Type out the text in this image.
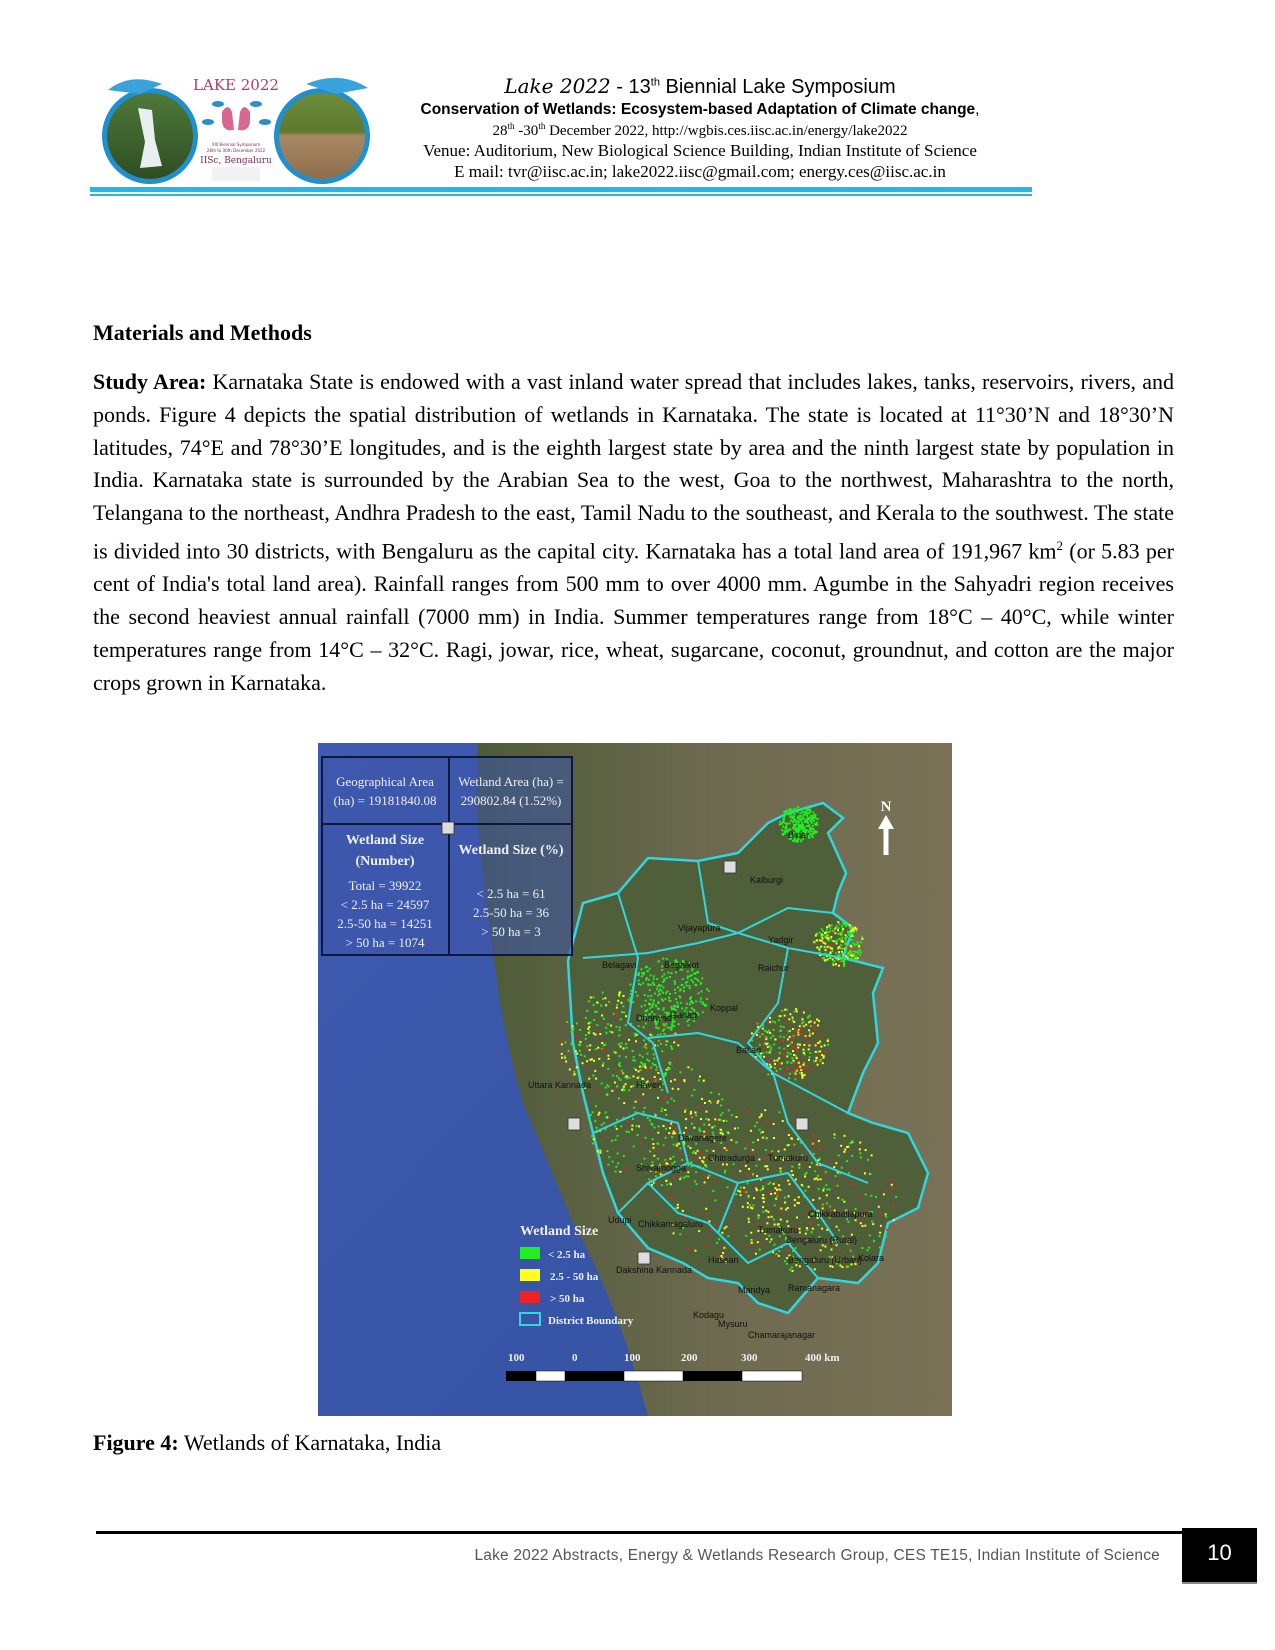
LAKE 2022
XIII Biennial Symposium
28th to 30th December 2022
IISc, Bengaluru
Lake 2022 - 13th Biennial Lake Symposium
Conservation of Wetlands: Ecosystem-based Adaptation of Climate change,
28th -30th December 2022, http://wgbis.ces.iisc.ac.in/energy/lake2022
Venue: Auditorium, New Biological Science Building, Indian Institute of Science
E mail: tvr@iisc.ac.in; lake2022.iisc@gmail.com; energy.ces@iisc.ac.in
Materials and Methods
Study Area: Karnataka State is endowed with a vast inland water spread that includes lakes, tanks, reservoirs, rivers, and ponds. Figure 4 depicts the spatial distribution of wetlands in Karnataka. The state is located at 11°30’N and 18°30’N latitudes, 74°E and 78°30’E longitudes, and is the eighth largest state by area and the ninth largest state by population in India. Karnataka state is surrounded by the Arabian Sea to the west, Goa to the northwest, Maharashtra to the north, Telangana to the northeast, Andhra Pradesh to the east, Tamil Nadu to the southeast, and Kerala to the southwest. The state is divided into 30 districts, with Bengaluru as the capital city. Karnataka has a total land area of 191,967 $km^2$ (or 5.83 per cent of India's total land area). Rainfall ranges from 500 mm to over 4000 mm. Agumbe in the Sahyadri region receives the second heaviest annual rainfall (7000 mm) in India. Summer temperatures range from 18°C – 40°C, while winter temperatures range from 14°C – 32°C. Ragi, jowar, rice, wheat, sugarcane, coconut, groundnut, and cotton are the major crops grown in Karnataka.
Geographical Area
(ha) = 19181840.08
Wetland Area (ha) =
290802.84 (1.52%)
Wetland Size
(Number)
Total = 39922
< 2.5 ha = 24597
2.5-50 ha = 14251
> 50 ha = 1074
Wetland Size (%)
< 2.5 ha = 61
2.5-50 ha = 36
> 50 ha = 3
N
Bidar
Kalburgi
Vijayapura
Yadgir
Belagavi	Bagalkot	Raichur
Koppal
Dharwad
Gadag
Ballari
Uttara Kannada	Haveri
Davanagere
Shivamogga
Chitradurga Tumakuru
Udupi Chikkamagaluru
Tumakuru
Chikkaballapura
Bengaluru (Rural)
Kolara
Hassan	Bengaluru (Urban)
Dakshina Kannada
Ramanagara
Mandya
Kodagu
Mysuru
Chamarajanagar
Wetland Size
< 2.5 ha
2.5 - 50 ha
> 50 ha
District Boundary
100	0	100	200	300	400 km
Figure 4: Wetlands of Karnataka, India
Lake 2022 Abstracts, Energy & Wetlands Research Group, CES TE15, Indian Institute of Science	10
